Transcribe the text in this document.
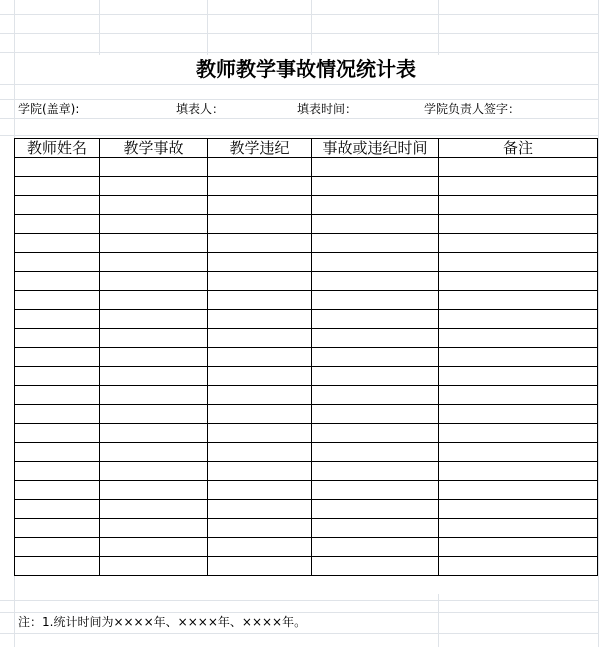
教师教学事故情况统计表
学院(盖章):	填表人：	填表时间：	学院负责人签字：
教师姓名	教学事故	教学违纪	事故或违纪时间	备注

注：1.统计时间为××××年、××××年、××××年。
